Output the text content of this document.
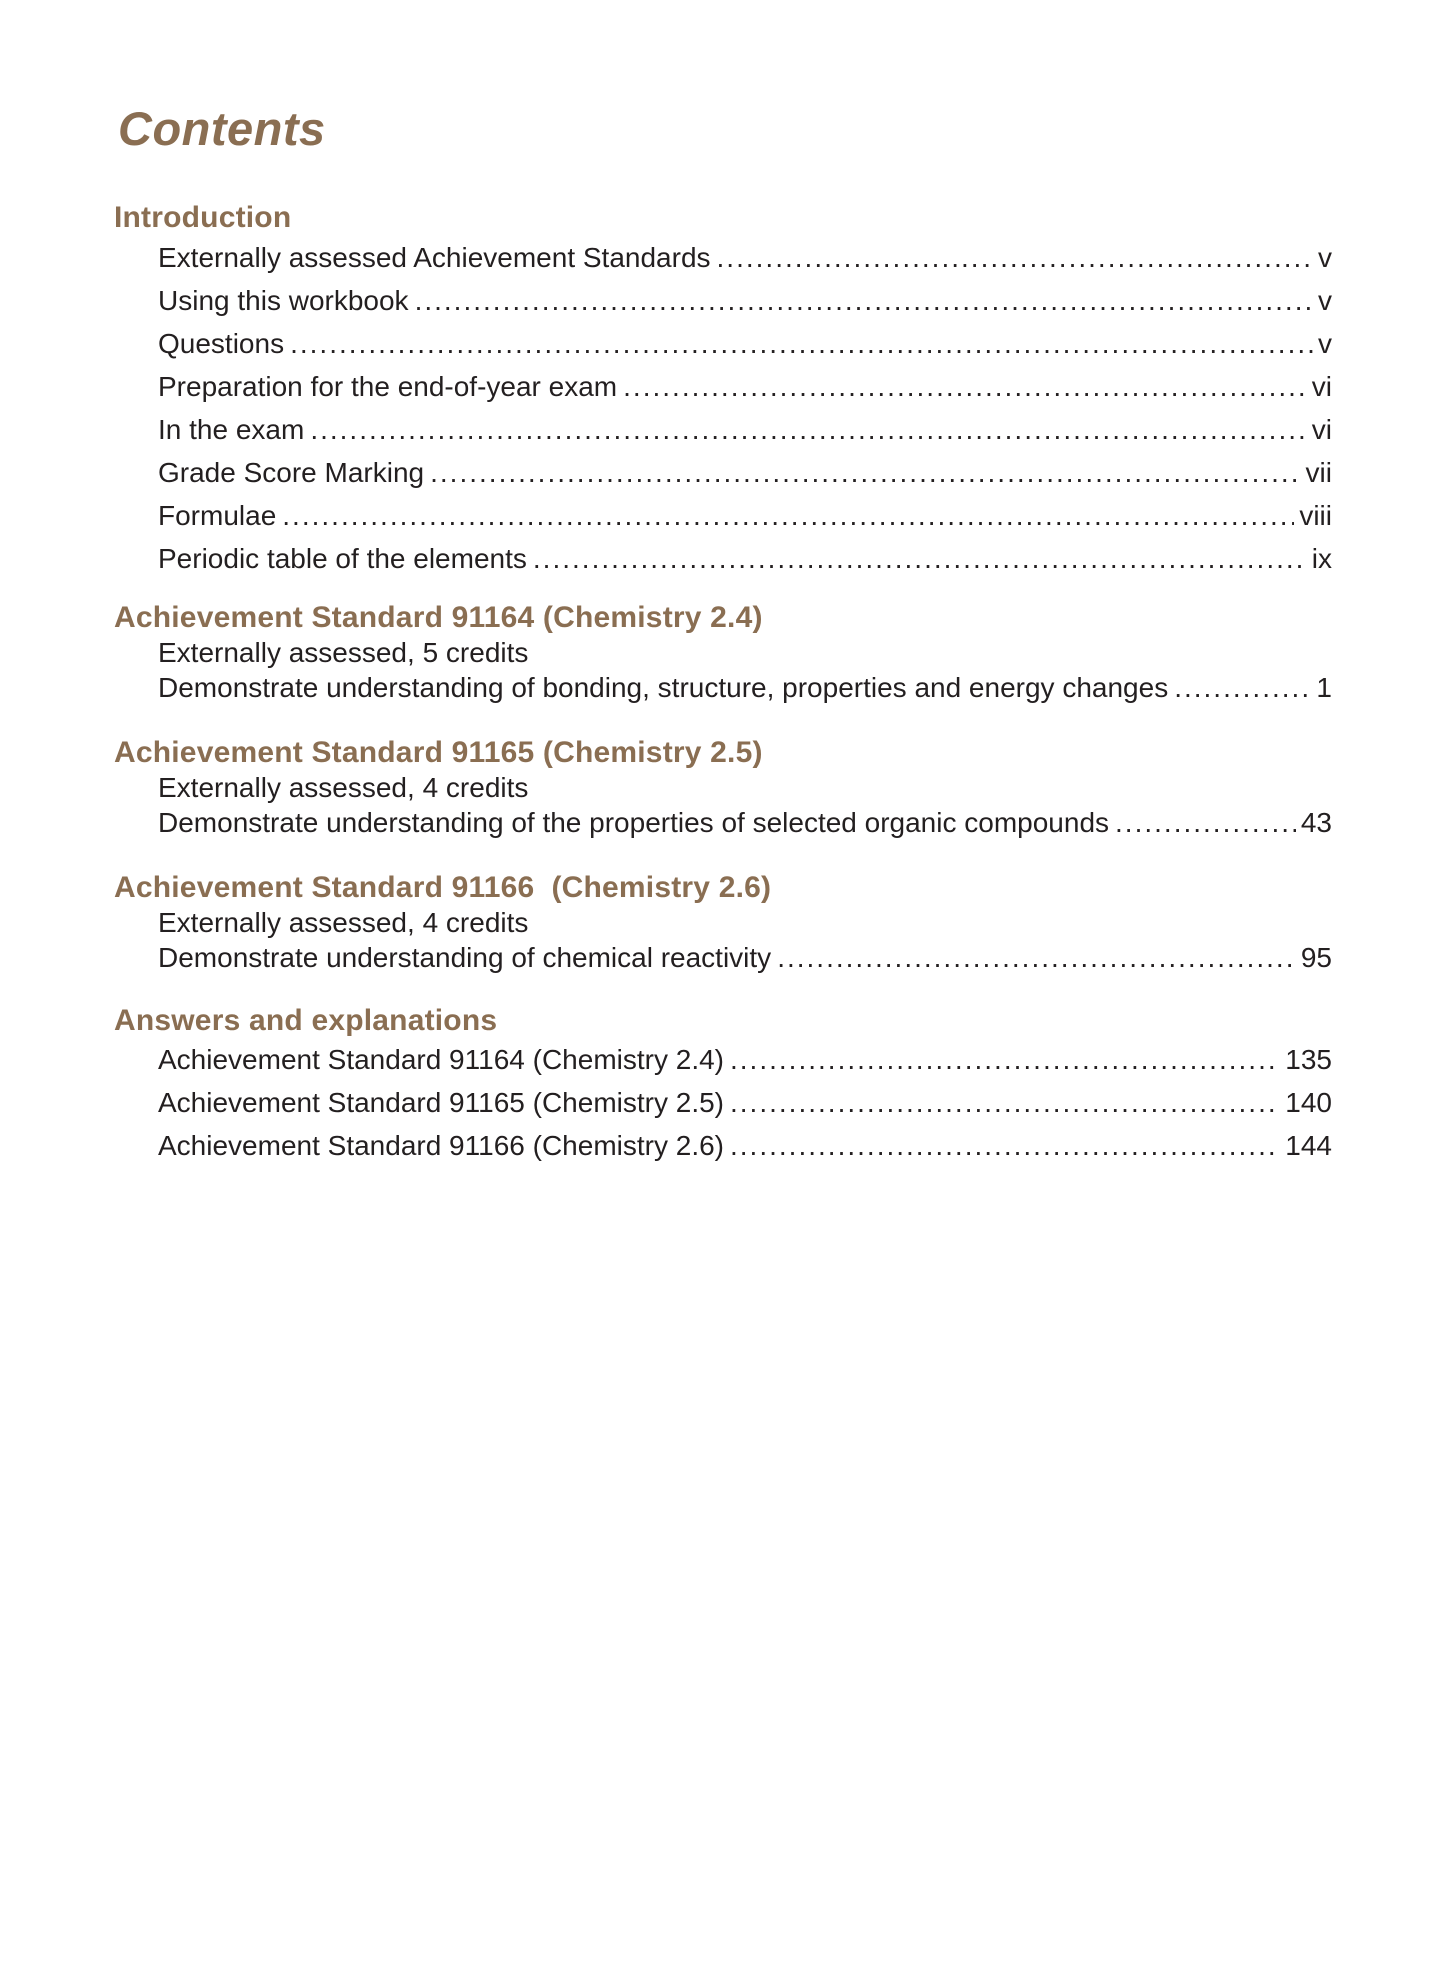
Contents
Introduction
Externally assessed Achievement Standards .....	v
Using this workbook .....	v
Questions .....	v
Preparation for the end-of-year exam .....	vi
In the exam .....	vi
Grade Score Marking .....	vii
Formulae .....	viii
Periodic table of the elements .....	ix
Achievement Standard 91164 (Chemistry 2.4)
Externally assessed, 5 credits
Demonstrate understanding of bonding, structure, properties and energy changes .....	1
Achievement Standard 91165 (Chemistry 2.5)
Externally assessed, 4 credits
Demonstrate understanding of the properties of selected organic compounds .....	43
Achievement Standard 91166  (Chemistry 2.6)
Externally assessed, 4 credits
Demonstrate understanding of chemical reactivity .....	95
Answers and explanations
Achievement Standard 91164 (Chemistry 2.4) .....	135
Achievement Standard 91165 (Chemistry 2.5) .....	140
Achievement Standard 91166 (Chemistry 2.6) .....	144
